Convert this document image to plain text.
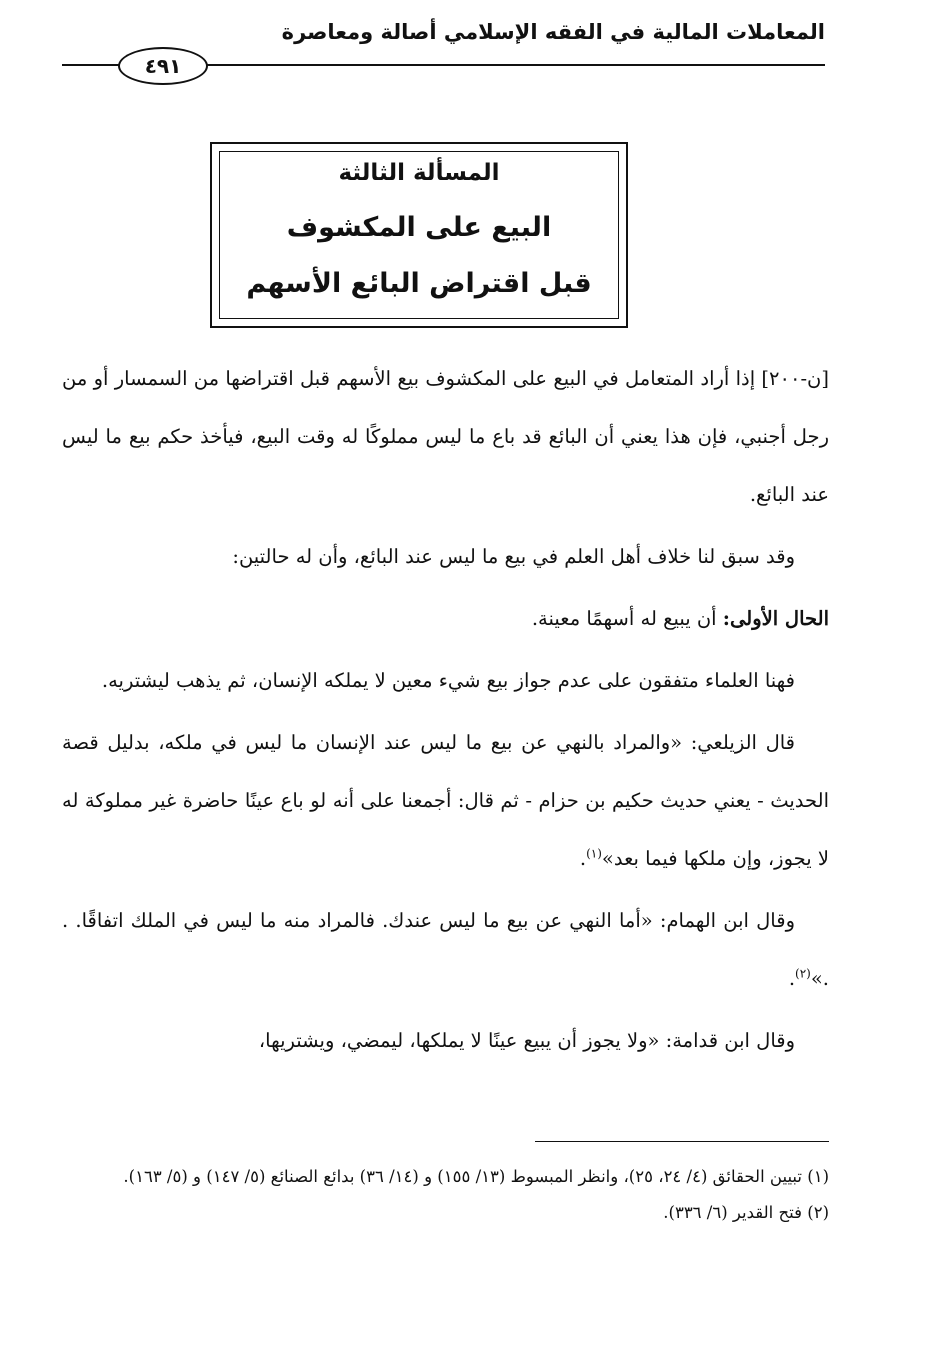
المعاملات المالية في الفقه الإسلامي أصالة ومعاصرة
٤٩١
المسألة الثالثة
البيع على المكشوف
قبل اقتراض البائع الأسهم

[ن-٢٠٠] إذا أراد المتعامل في البيع على المكشوف بيع الأسهم قبل اقتراضها من السمسار أو من رجل أجنبي، فإن هذا يعني أن البائع قد باع ما ليس مملوكًا له وقت البيع، فيأخذ حكم بيع ما ليس عند البائع.

وقد سبق لنا خلاف أهل العلم في بيع ما ليس عند البائع، وأن له حالتين:

الحال الأولى: أن يبيع له أسهمًا معينة.

فهنا العلماء متفقون على عدم جواز بيع شيء معين لا يملكه الإنسان، ثم يذهب ليشتريه.

قال الزيلعي: «والمراد بالنهي عن بيع ما ليس عند الإنسان ما ليس في ملكه، بدليل قصة الحديث - يعني حديث حكيم بن حزام - ثم قال: أجمعنا على أنه لو باع عينًا حاضرة غير مملوكة له لا يجوز، وإن ملكها فيما بعد»$^{(١)}$.

وقال ابن الهمام: «أما النهي عن بيع ما ليس عندك. فالمراد منه ما ليس في الملك اتفاقًا. . .»$^{(٢)}$.

وقال ابن قدامة: «ولا يجوز أن يبيع عينًا لا يملكها، ليمضي، ويشتريها،

(١) تبيين الحقائق (٤/ ٢٤، ٢٥)، وانظر المبسوط (١٣/ ١٥٥) و (١٤/ ٣٦) بدائع الصنائع (٥/ ١٤٧) و (٥/ ١٦٣).

(٢) فتح القدير (٦/ ٣٣٦).
